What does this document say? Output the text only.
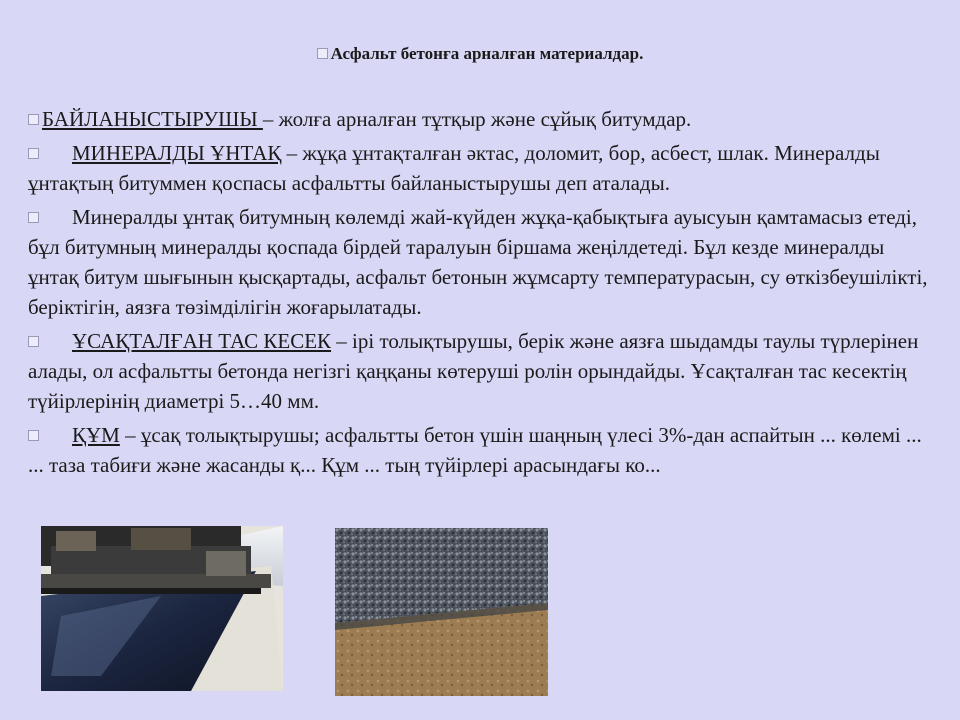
Асфальт бетонға арналған материалдар.

БАЙЛАНЫСТЫРУШЫ – жолға арналған тұтқыр және сұйық битумдар.

МИНЕРАЛДЫ ҰНТАҚ – жұқа ұнтақталған әктас, доломит, бор, асбест, шлак. Минералды ұнтақтың битуммен қоспасы асфальтты байланыстырушы деп аталады.

Минералды ұнтақ битумның көлемді жай-күйден жұқа-қабықтыға ауысуын қамтамасыз етеді, бұл битумның минералды қоспада бірдей таралуын біршама жеңілдетеді. Бұл кезде минералды ұнтақ битум шығынын қысқартады, асфальт бетонын жұмсарту температурасын, су өткізбеушілікті, беріктігін, аязға төзімділігін жоғарылатады.

ҰСАҚТАЛҒАН ТАС КЕСЕК – ірі толықтырушы, берік және аязға шыдамды таулы түрлерінен алады, ол асфальтты бетонда негізгі қаңқаны көтеруші ролін орындайды. Ұсақталған тас кесектің түйірлерінің диаметрі 5…40 мм.

ҚҰМ – ұсақ толықтырушы; асфальтты бетон үшін шаңның үлесі 3%-дан аспайтын ... көлемі ... ... таза табиғи және жасанды қ... Құм ... тың түйірлері арасындағы ко...
